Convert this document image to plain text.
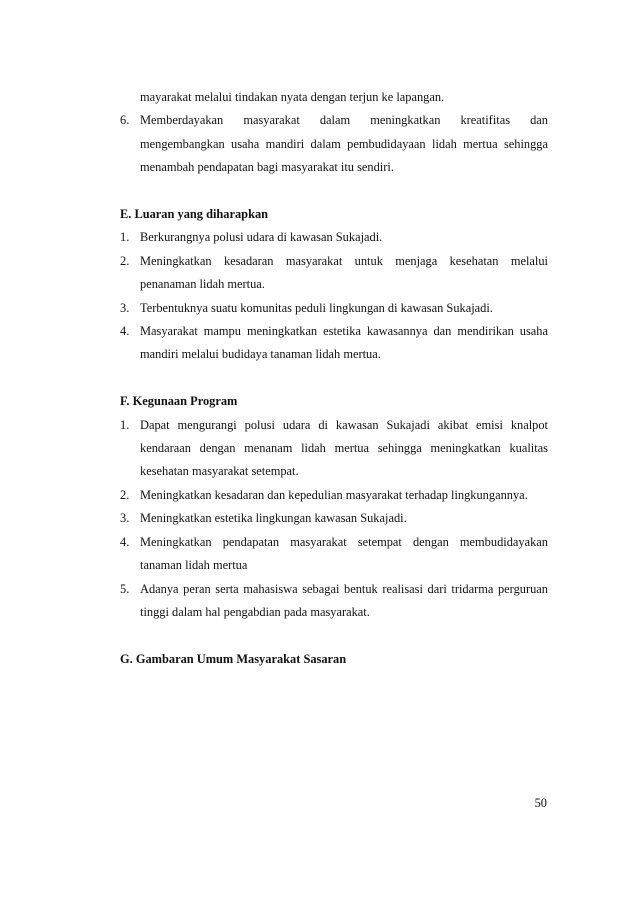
mayarakat melalui tindakan nyata dengan terjun ke lapangan.
6. Memberdayakan masyarakat dalam meningkatkan kreatifitas dan mengembangkan usaha mandiri dalam pembudidayaan lidah mertua sehingga menambah pendapatan bagi masyarakat itu sendiri.
E. Luaran yang diharapkan
1. Berkurangnya polusi udara di kawasan Sukajadi.
2. Meningkatkan kesadaran masyarakat untuk menjaga kesehatan melalui penanaman lidah mertua.
3. Terbentuknya suatu komunitas peduli lingkungan di kawasan Sukajadi.
4. Masyarakat mampu meningkatkan estetika kawasannya dan mendirikan usaha mandiri melalui budidaya tanaman lidah mertua.
F. Kegunaan Program
1. Dapat mengurangi polusi udara di kawasan Sukajadi akibat emisi knalpot kendaraan dengan menanam lidah mertua sehingga meningkatkan kualitas kesehatan masyarakat setempat.
2. Meningkatkan kesadaran dan kepedulian masyarakat terhadap lingkungannya.
3. Meningkatkan estetika lingkungan kawasan Sukajadi.
4. Meningkatkan pendapatan masyarakat setempat dengan membudidayakan tanaman lidah mertua
5. Adanya peran serta mahasiswa sebagai bentuk realisasi dari tridarma perguruan tinggi dalam hal pengabdian pada masyarakat.
G. Gambaran Umum Masyarakat Sasaran
50
